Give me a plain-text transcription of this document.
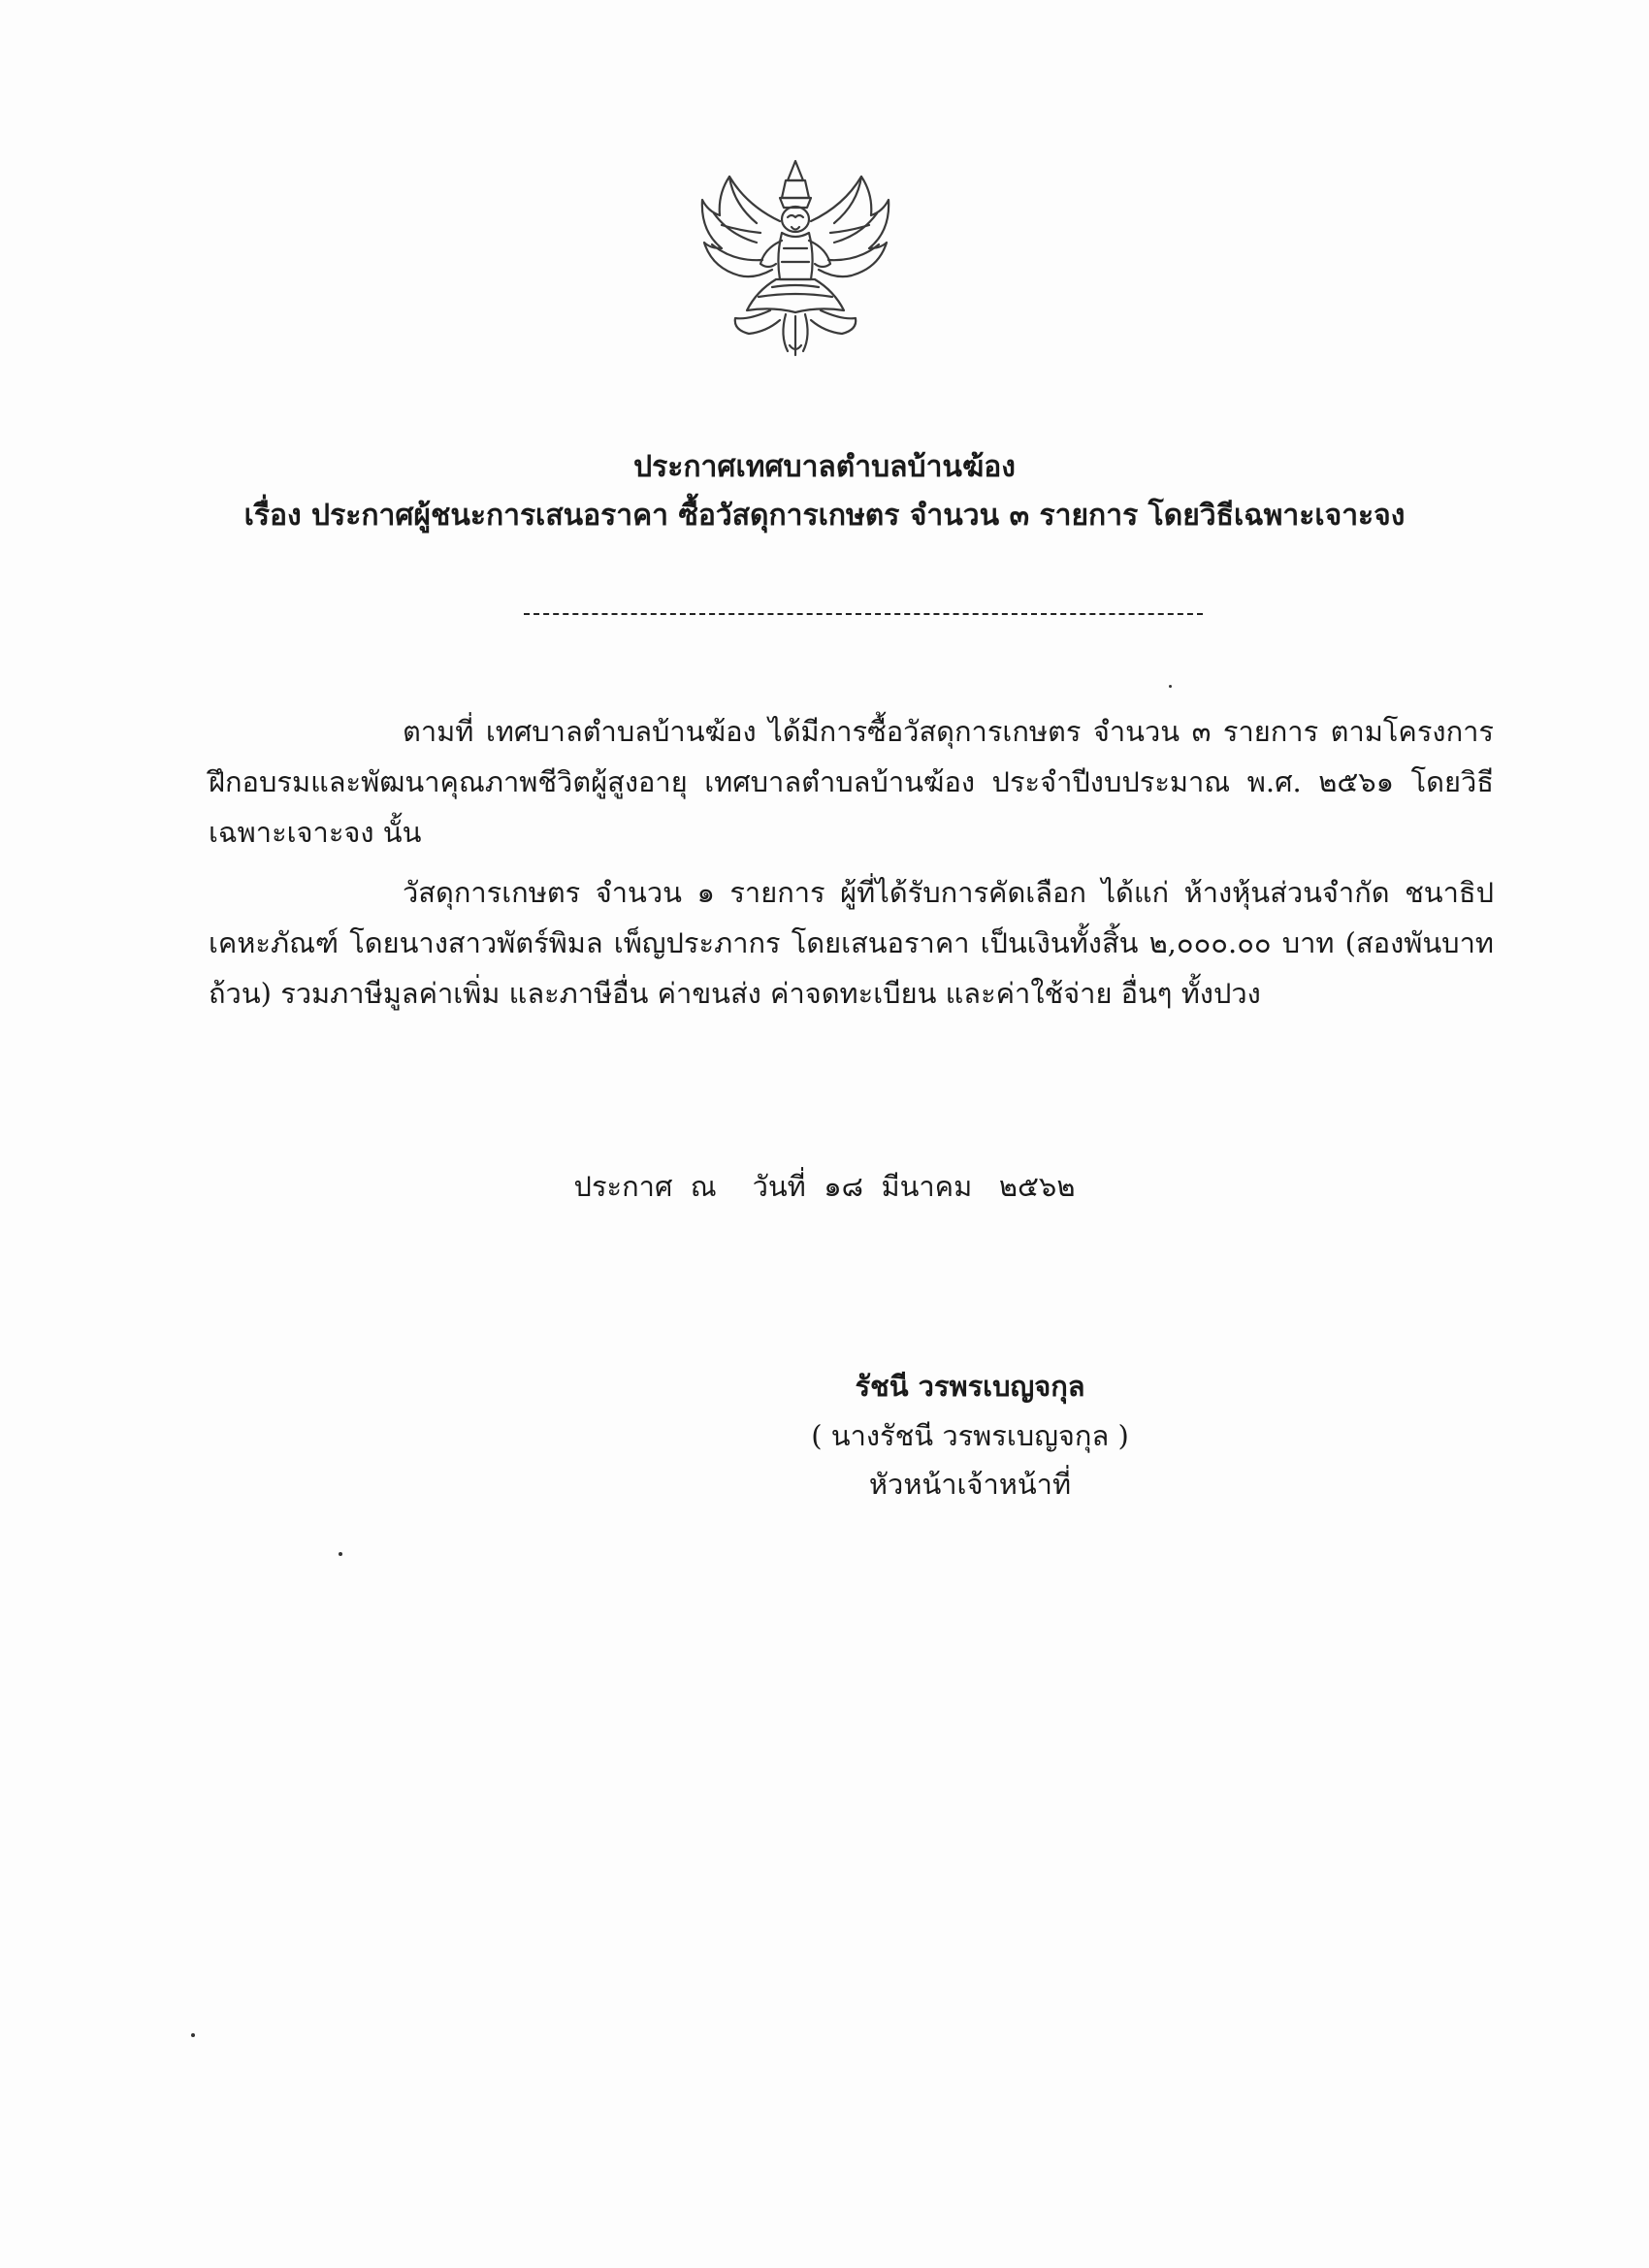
ประกาศเทศบาลตำบลบ้านฆ้อง
เรื่อง ประกาศผู้ชนะการเสนอราคา ซื้อวัสดุการเกษตร จำนวน ๓ รายการ โดยวิธีเฉพาะเจาะจง
ตามที่ เทศบาลตำบลบ้านฆ้อง ได้มีการซื้อวัสดุการเกษตร จำนวน ๓ รายการ ตามโครงการ ฝึกอบรมและพัฒนาคุณภาพชีวิตผู้สูงอายุ เทศบาลตำบลบ้านฆ้อง ประจำปีงบประมาณ พ.ศ. ๒๕๖๑ โดยวิธีเฉพาะเจาะจง นั้น
วัสดุการเกษตร จำนวน ๑ รายการ ผู้ที่ได้รับการคัดเลือก ได้แก่ ห้างหุ้นส่วนจำกัด ชนาธิปเคหะภัณฑ์ โดยนางสาวพัตร์พิมล เพ็ญประภากร โดยเสนอราคา เป็นเงินทั้งสิ้น ๒,๐๐๐.๐๐ บาท (สองพันบาทถ้วน) รวมภาษีมูลค่าเพิ่ม และภาษีอื่น ค่าขนส่ง ค่าจดทะเบียน และค่าใช้จ่าย อื่นๆ ทั้งปวง
ประกาศ  ณ    วันที่  ๑๘  มีนาคม   ๒๕๖๒
รัชนี วรพรเบญจกุล
( นางรัชนี วรพรเบญจกุล )
หัวหน้าเจ้าหน้าที่
